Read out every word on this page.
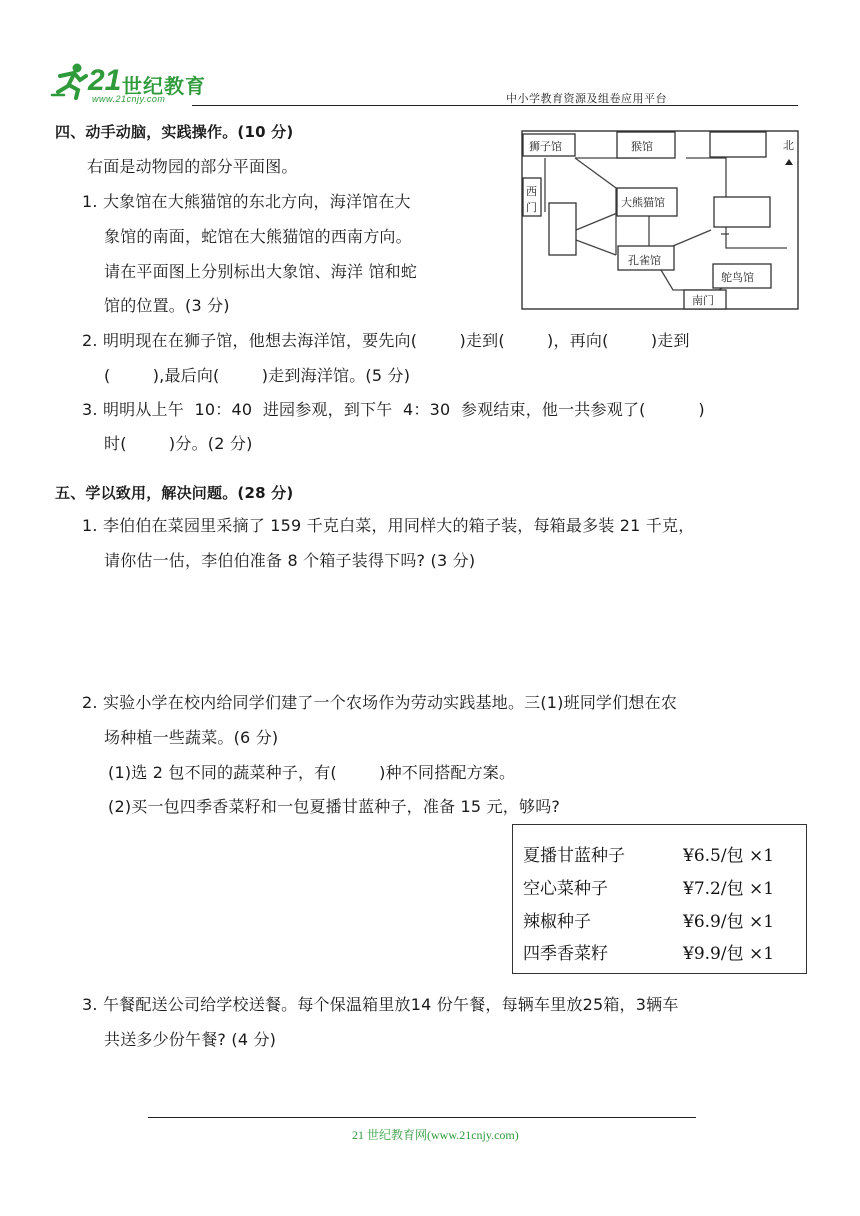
21 世纪教育
www.21cnjy.com	中小学教育资源及组卷应用平台
四、动手动脑，实践操作。(10 分)
右面是动物园的部分平面图。
1. 大象馆在大熊猫馆的东北方向，海洋馆在大
象馆的南面，蛇馆在大熊猫馆的西南方向。
请在平面图上分别标出大象馆、海洋 馆和蛇
馆的位置。(3 分)
狮子馆	猴馆	北
西
门	大熊猫馆
孔雀馆
鸵鸟馆
南门
2. 明明现在在狮子馆，他想去海洋馆，要先向(        )走到(        )，再向(        )走到
(        ),最后向(        )走到海洋馆。(5 分)
3. 明明从上午  10：40  进园参观，到下午  4：30  参观结束，他一共参观了(          )
时(        )分。(2 分)
五、学以致用，解决问题。(28 分)
1. 李伯伯在菜园里采摘了 159 千克白菜，用同样大的箱子装，每箱最多装 21 千克，
请你估一估，李伯伯准备 8 个箱子装得下吗? (3 分)
2. 实验小学在校内给同学们建了一个农场作为劳动实践基地。三(1)班同学们想在农
场种植一些蔬菜。(6 分)
(1)选 2 包不同的蔬菜种子，有(        )种不同搭配方案。
(2)买一包四季香菜籽和一包夏播甘蓝种子，准备 15 元，够吗?
夏播甘蓝种子	¥6.5/包 ×1
空心菜种子	¥7.2/包 ×1
辣椒种子	¥6.9/包 ×1
四季香菜籽	¥9.9/包 ×1
3. 午餐配送公司给学校送餐。每个保温箱里放14 份午餐，每辆车里放25箱，3辆车
共送多少份午餐? (4 分)
21 世纪教育网(www.21cnjy.com)
